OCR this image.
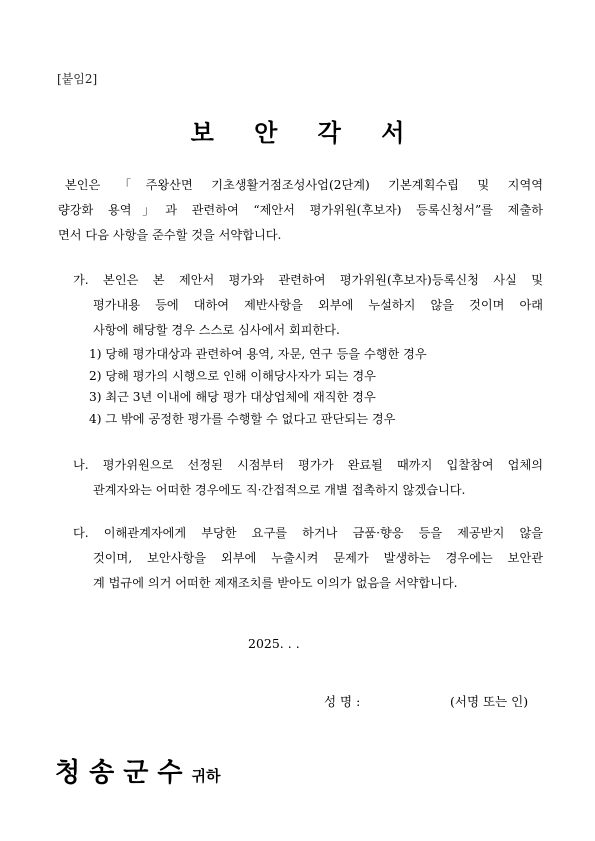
[붙임2]
보 안 각 서
본인은 「주왕산면 기초생활거점조성사업(2단계) 기본계획수립 및 지역역
량강화 용역」과 관련하여 “제안서 평가위원(후보자) 등록신청서”를 제출하
면서 다음 사항을 준수할 것을 서약합니다.
가. 본인은 본 제안서 평가와 관련하여 평가위원(후보자)등록신청 사실 및
평가내용 등에 대하여 제반사항을 외부에 누설하지 않을 것이며 아래
사항에 해당할 경우 스스로 심사에서 회피한다.
1) 당해 평가대상과 관련하여 용역, 자문, 연구 등을 수행한 경우
2) 당해 평가의 시행으로 인해 이해당사자가 되는 경우
3) 최근 3년 이내에 해당 평가 대상업체에 재직한 경우
4) 그 밖에 공정한 평가를 수행할 수 없다고 판단되는 경우
나. 평가위원으로 선정된 시점부터 평가가 완료될 때까지 입찰참여 업체의
관계자와는 어떠한 경우에도 직·간접적으로 개별 접촉하지 않겠습니다.
다. 이해관계자에게 부당한 요구를 하거나 금품·향응 등을 제공받지 않을
것이며, 보안사항을 외부에 누출시켜 문제가 발생하는 경우에는 보안관
계 법규에 의거 어떠한 제재조치를 받아도 이의가 없음을 서약합니다.
2025. . .
성 명 :	(서명 또는 인)
청송군수귀하
